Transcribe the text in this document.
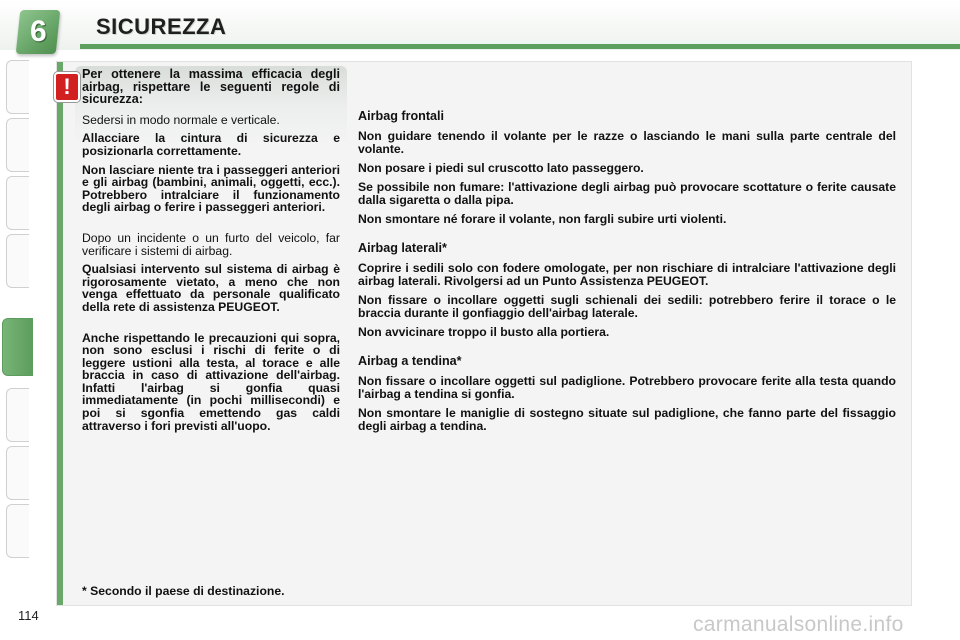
6 SICUREZZA
! Per ottenere la massima efficacia degli airbag, rispettare le seguenti regole di sicurezza:

Sedersi in modo normale e verticale.

Allacciare la cintura di sicurezza e posizionarla correttamente.

Non lasciare niente tra i passeggeri anteriori e gli airbag (bambini, animali, oggetti, ecc.). Potrebbero intralciare il funzionamento degli airbag o ferire i passeggeri anteriori.

Dopo un incidente o un furto del veicolo, far verificare i sistemi di airbag.

Qualsiasi intervento sul sistema di airbag è rigorosamente vietato, a meno che non venga effettuato da personale qualificato della rete di assistenza PEUGEOT.

Anche rispettando le precauzioni qui sopra, non sono esclusi i rischi di ferite o di leggere ustioni alla testa, al torace e alle braccia in caso di attivazione dell'airbag. Infatti l'airbag si gonfia quasi immediatamente (in pochi millisecondi) e poi si sgonfia emettendo gas caldi attraverso i fori previsti all'uopo.

Airbag frontali

Non guidare tenendo il volante per le razze o lasciando le mani sulla parte centrale del volante.

Non posare i piedi sul cruscotto lato passeggero.

Se possibile non fumare: l'attivazione degli airbag può provocare scottature o ferite causate dalla sigaretta o dalla pipa.

Non smontare né forare il volante, non fargli subire urti violenti.

Airbag laterali*

Coprire i sedili solo con fodere omologate, per non rischiare di intralciare l'attivazione degli airbag laterali. Rivolgersi ad un Punto Assistenza PEUGEOT.

Non fissare o incollare oggetti sugli schienali dei sedili: potrebbero ferire il torace o le braccia durante il gonfiaggio dell'airbag laterale.

Non avvicinare troppo il busto alla portiera.

Airbag a tendina*

Non fissare o incollare oggetti sul padiglione. Potrebbero provocare ferite alla testa quando l'airbag a tendina si gonfia.

Non smontare le maniglie di sostegno situate sul padiglione, che fanno parte del fissaggio degli airbag a tendina.

* Secondo il paese di destinazione.
114	carmanualsonline.info
